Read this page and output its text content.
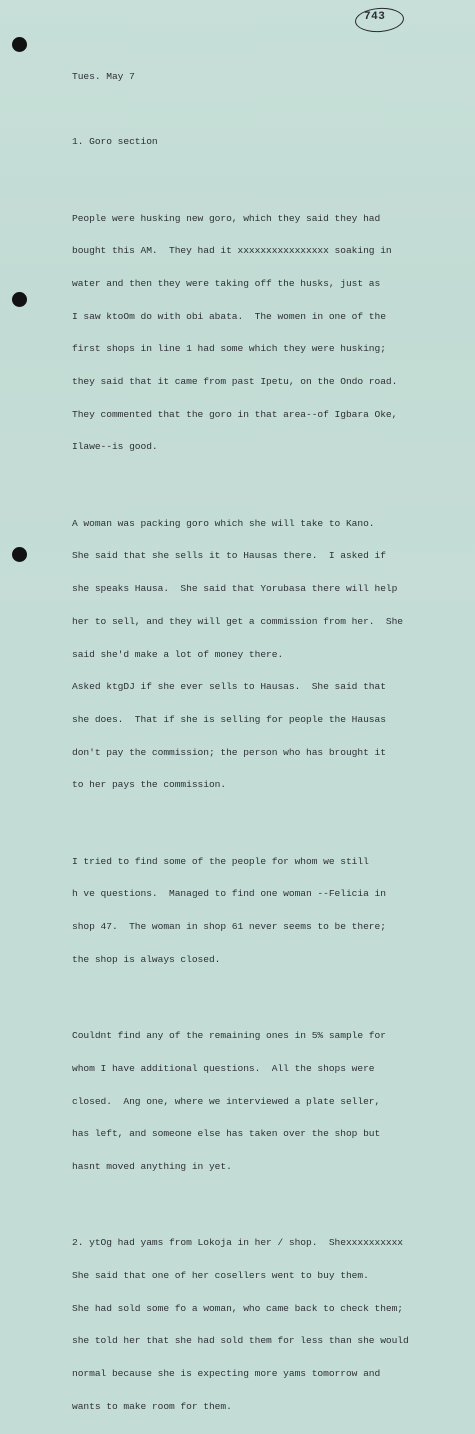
743

Tues. May 7

1. Goro section

People were husking new goro, which they said they had

bought this AM.  They had it xxxxxxxxxxxxxxxx soaking in

water and then they were taking off the husks, just as

I saw ktoOm do with obi abata.  The women in one of the

first shops in line 1 had some which they were husking;

they said that it came from past Ipetu, on the Ondo road.

They commented that the goro in that area--of Igbara Oke,

Ilawe--is good.

A woman was packing goro which she will take to Kano.

She said that she sells it to Hausas there.  I asked if

she speaks Hausa.  She said that Yorubasa there will help

her to sell, and they will get a commission from her.  She

said she'd make a lot of money there.

Asked ktgDJ if she ever sells to Hausas.  She said that

she does.  That if she is selling for people the Hausas

don't pay the commission; the person who has brought it

to her pays the commission.

I tried to find some of the people for whom we still

h ve questions.  Managed to find one woman --Felicia in

shop 47.  The woman in shop 61 never seems to be there;

the shop is always closed.

Couldnt find any of the remaining ones in 5% sample for

whom I have additional questions.  All the shops were

closed.  Ang one, where we interviewed a plate seller,

has left, and someone else has taken over the shop but

hasnt moved anything in yet.

2. ytOg had yams from Lokoja in her / shop.  Shexxxxxxxxxx

She said that one of her cosellers went to buy them.

She had sold some fo a woman, who came back to check them;

she told her that she had sold them for less than she would

normal because she is expecting more yams tomorrow and

wants to make room for them.
